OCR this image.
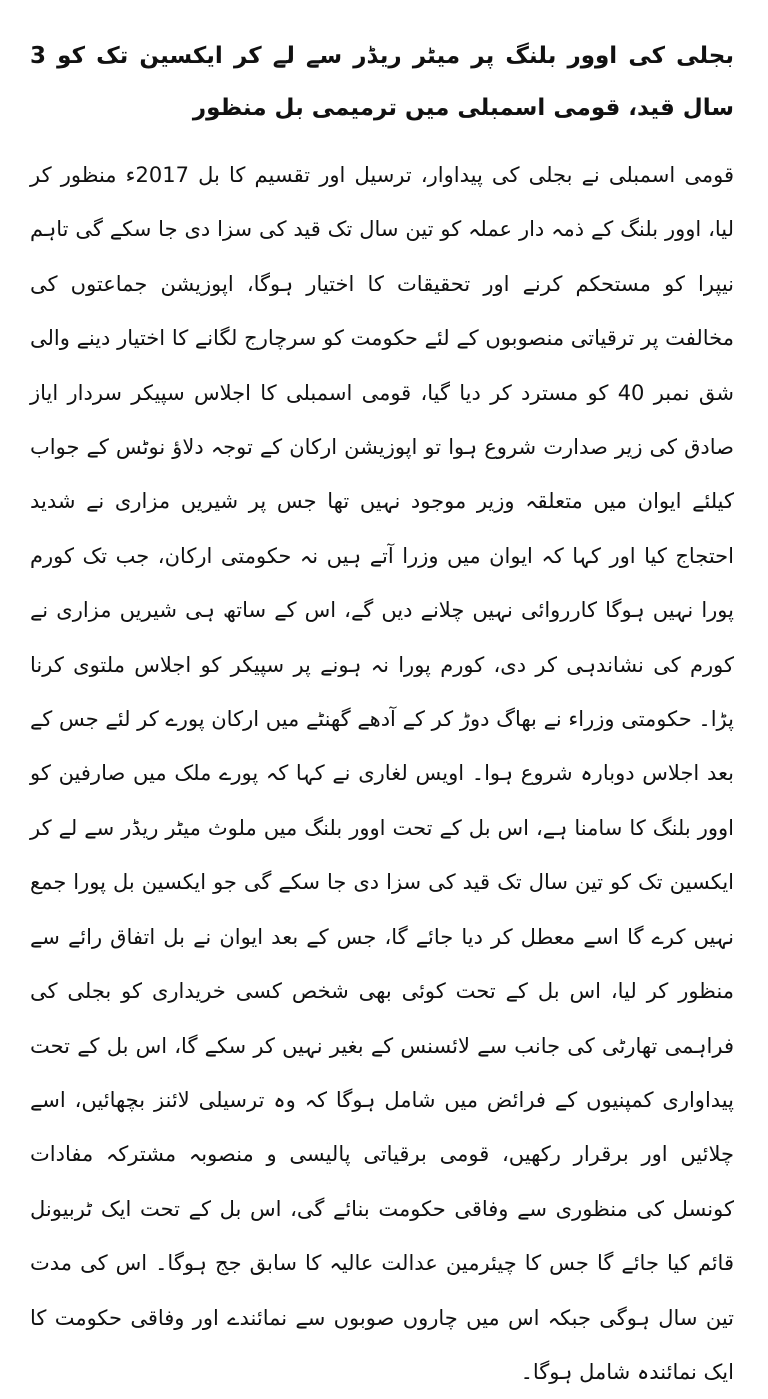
بجلی کی اوور بلنگ پر میٹر ریڈر سے لے کر ایکسین تک کو 3 سال قید، قومی اسمبلی میں ترمیمی بل منظور

قومی اسمبلی نے بجلی کی پیداوار، ترسیل اور تقسیم کا بل 2017ء منظور کر لیا، اوور بلنگ کے ذمہ دار عملہ کو تین سال تک قید کی سزا دی جا سکے گی تاہم نیپرا کو مستحکم کرنے اور تحقیقات کا اختیار ہوگا، اپوزیشن جماعتوں کی مخالفت پر ترقیاتی منصوبوں کے لئے حکومت کو سرچارج لگانے کا اختیار دینے والی شق نمبر 40 کو مسترد کر دیا گیا، قومی اسمبلی کا اجلاس سپیکر سردار ایاز صادق کی زیر صدارت شروع ہوا تو اپوزیشن ارکان کے توجہ دلاؤ نوٹس کے جواب کیلئے ایوان میں متعلقہ وزیر موجود نہیں تھا جس پر شیریں مزاری نے شدید احتجاج کیا اور کہا کہ ایوان میں وزرا آتے ہیں نہ حکومتی ارکان، جب تک کورم پورا نہیں ہوگا کارروائی نہیں چلانے دیں گے، اس کے ساتھ ہی شیریں مزاری نے کورم کی نشاندہی کر دی، کورم پورا نہ ہونے پر سپیکر کو اجلاس ملتوی کرنا پڑا۔ حکومتی وزراء نے بھاگ دوڑ کر کے آدھے گھنٹے میں ارکان پورے کر لئے جس کے بعد اجلاس دوبارہ شروع ہوا۔ اویس لغاری نے کہا کہ پورے ملک میں صارفین کو اوور بلنگ کا سامنا ہے، اس بل کے تحت اوور بلنگ میں ملوث میٹر ریڈر سے لے کر ایکسین تک کو تین سال تک قید کی سزا دی جا سکے گی جو ایکسین بل پورا جمع نہیں کرے گا اسے معطل کر دیا جائے گا، جس کے بعد ایوان نے بل اتفاق رائے سے منظور کر لیا، اس بل کے تحت کوئی بھی شخص کسی خریداری کو بجلی کی فراہمی تھارٹی کی جانب سے لائسنس کے بغیر نہیں کر سکے گا، اس بل کے تحت پیداواری کمپنیوں کے فرائض میں شامل ہوگا کہ وہ ترسیلی لائنز بچھائیں، اسے چلائیں اور برقرار رکھیں، قومی برقیاتی پالیسی و منصوبہ مشترکہ مفادات کونسل کی منظوری سے وفاقی حکومت بنائے گی، اس بل کے تحت ایک ٹربیونل قائم کیا جائے گا جس کا چیئرمین عدالت عالیہ کا سابق جج ہوگا۔ اس کی مدت تین سال ہوگی جبکہ اس میں چاروں صوبوں سے نمائندے اور وفاقی حکومت کا ایک نمائندہ شامل ہوگا۔
